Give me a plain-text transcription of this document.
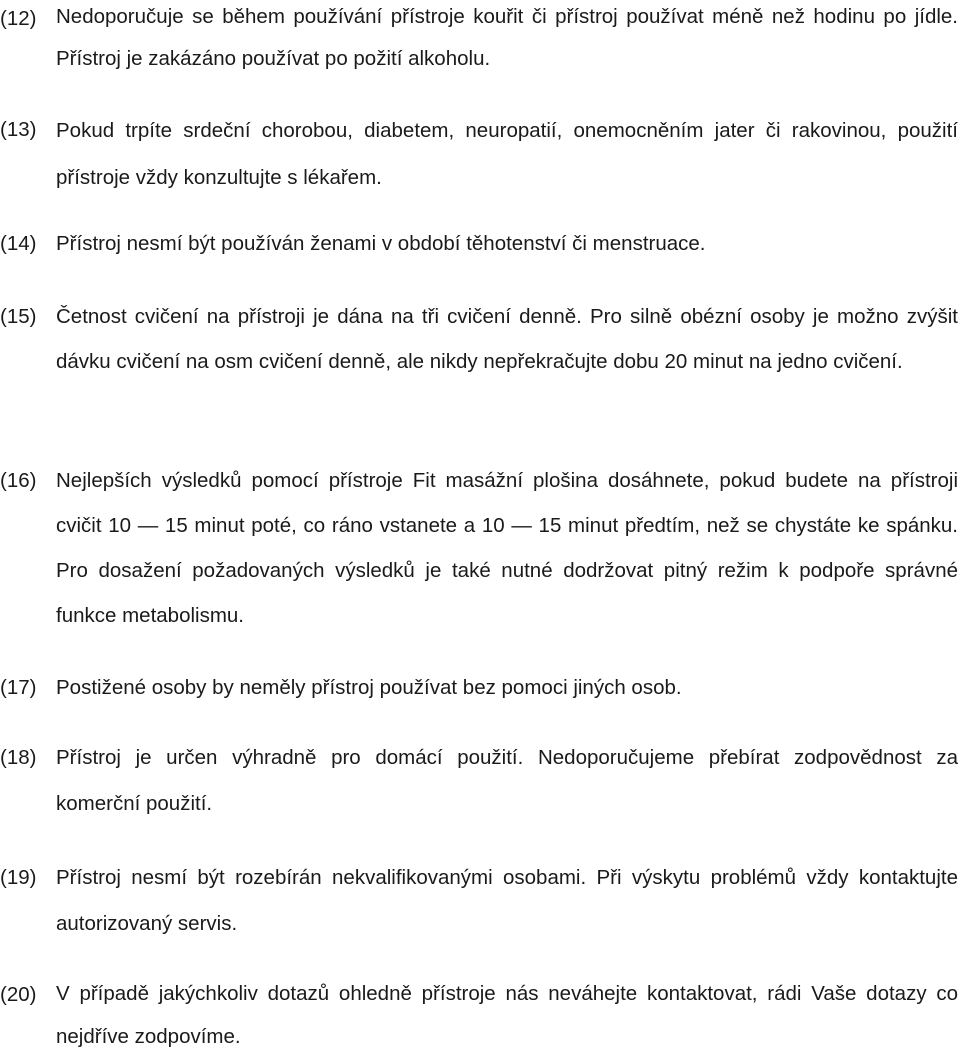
(12) Nedoporučuje se během používání přístroje kouřit či přístroj používat méně než hodinu po jídle. Přístroj je zakázáno používat po požití alkoholu.
(13) Pokud trpíte srdeční chorobou, diabetem, neuropatií, onemocněním jater či rakovinou, použití přístroje vždy konzultujte s lékařem.
(14) Přístroj nesmí být používán ženami v období těhotenství či menstruace.
(15) Četnost cvičení na přístroji je dána na tři cvičení denně. Pro silně obézní osoby je možno zvýšit dávku cvičení na osm cvičení denně, ale nikdy nepřekračujte dobu 20 minut na jedno cvičení.
(16) Nejlepších výsledků pomocí přístroje Fit masážní plošina dosáhnete, pokud budete na přístroji cvičit 10 — 15 minut poté, co ráno vstanete a 10 — 15 minut předtím, než se chystáte ke spánku. Pro dosažení požadovaných výsledků je také nutné dodržovat pitný režim k podpoře správné funkce metabolismu.
(17) Postižené osoby by neměly přístroj používat bez pomoci jiných osob.
(18) Přístroj je určen výhradně pro domácí použití. Nedoporučujeme přebírat zodpovědnost za komerční použití.
(19) Přístroj nesmí být rozebírán nekvalifikovanými osobami. Při výskytu problémů vždy kontaktujte autorizovaný servis.
(20) V případě jakýchkoliv dotazů ohledně přístroje nás neváhejte kontaktovat, rádi Vaše dotazy co nejdříve zodpovíme.
